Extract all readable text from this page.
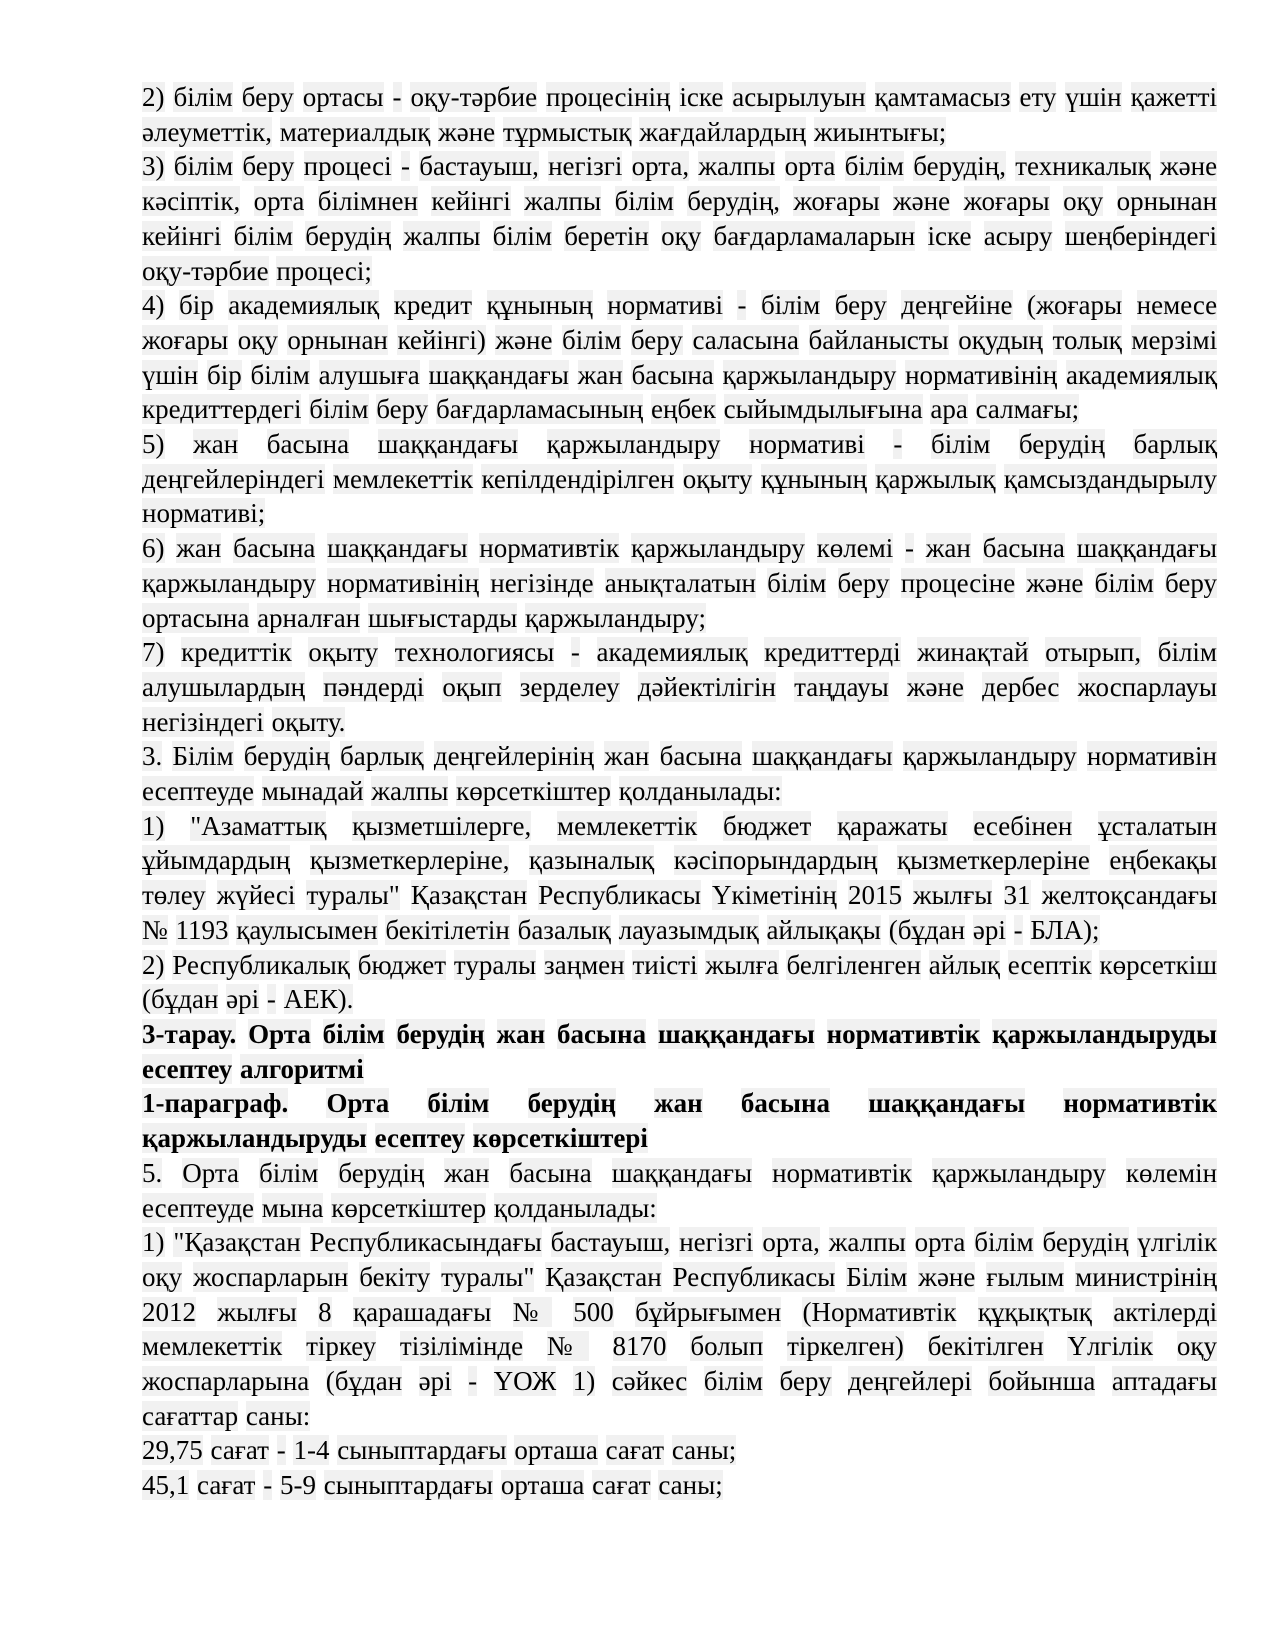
2) білім беру ортасы - оқу-тәрбие процесінің іске асырылуын қамтамасыз ету үшін қажетті әлеуметтік, материалдық және тұрмыстық жағдайлардың жиынтығы;

3) білім беру процесі - бастауыш, негізгі орта, жалпы орта білім берудің, техникалық және кәсіптік, орта білімнен кейінгі жалпы білім берудің, жоғары және жоғары оқу орнынан кейінгі білім берудің жалпы білім беретін оқу бағдарламаларын іске асыру шеңберіндегі оқу-тәрбие процесі;

4) бір академиялық кредит құнының нормативі - білім беру деңгейіне (жоғары немесе жоғары оқу орнынан кейінгі) және білім беру саласына байланысты оқудың толық мерзімі үшін бір білім алушыға шаққандағы жан басына қаржыландыру нормативінің академиялық кредиттердегі білім беру бағдарламасының еңбек сыйымдылығына ара салмағы;

5) жан басына шаққандағы қаржыландыру нормативі - білім берудің барлық деңгейлеріндегі мемлекеттік кепілдендірілген оқыту құнының қаржылық қамсыздандырылу нормативі;

6) жан басына шаққандағы нормативтік қаржыландыру көлемі - жан басына шаққандағы қаржыландыру нормативінің негізінде анықталатын білім беру процесіне және білім беру ортасына арналған шығыстарды қаржыландыру;

7) кредиттік оқыту технологиясы - академиялық кредиттерді жинақтай отырып, білім алушылардың пәндерді оқып зерделеу дәйектілігін таңдауы және дербес жоспарлауы негізіндегі оқыту.

3. Білім берудің барлық деңгейлерінің жан басына шаққандағы қаржыландыру нормативін есептеуде мынадай жалпы көрсеткіштер қолданылады:

1) "Азаматтық қызметшілерге, мемлекеттік бюджет қаражаты есебінен ұсталатын ұйымдардың қызметкерлеріне, қазыналық кәсіпорындардың қызметкерлеріне еңбекақы төлеу жүйесі туралы" Қазақстан Республикасы Үкіметінің 2015 жылғы 31 желтоқсандағы № 1193 қаулысымен бекітілетін базалық лауазымдық айлықақы (бұдан әрі - БЛА);

2) Республикалық бюджет туралы заңмен тиісті жылға белгіленген айлық есептік көрсеткіш (бұдан әрі - АЕК).

3-тарау. Орта білім берудің жан басына шаққандағы нормативтік қаржыландыруды есептеу алгоритмі

1-параграф. Орта білім берудің жан басына шаққандағы нормативтік қаржыландыруды есептеу көрсеткіштері

5. Орта білім берудің жан басына шаққандағы нормативтік қаржыландыру көлемін есептеуде мына көрсеткіштер қолданылады:

1) "Қазақстан Республикасындағы бастауыш, негізгі орта, жалпы орта білім берудің үлгілік оқу жоспарларын бекіту туралы" Қазақстан Республикасы Білім және ғылым министрінің 2012 жылғы 8 қарашадағы № 500 бұйрығымен (Нормативтік құқықтық актілерді мемлекеттік тіркеу тізілімінде № 8170 болып тіркелген) бекітілген Үлгілік оқу жоспарларына (бұдан әрі - ҮОЖ 1) сәйкес білім беру деңгейлері бойынша аптадағы сағаттар саны:

29,75 сағат - 1-4 сыныптардағы орташа сағат саны;

45,1 сағат - 5-9 сыныптардағы орташа сағат саны;
